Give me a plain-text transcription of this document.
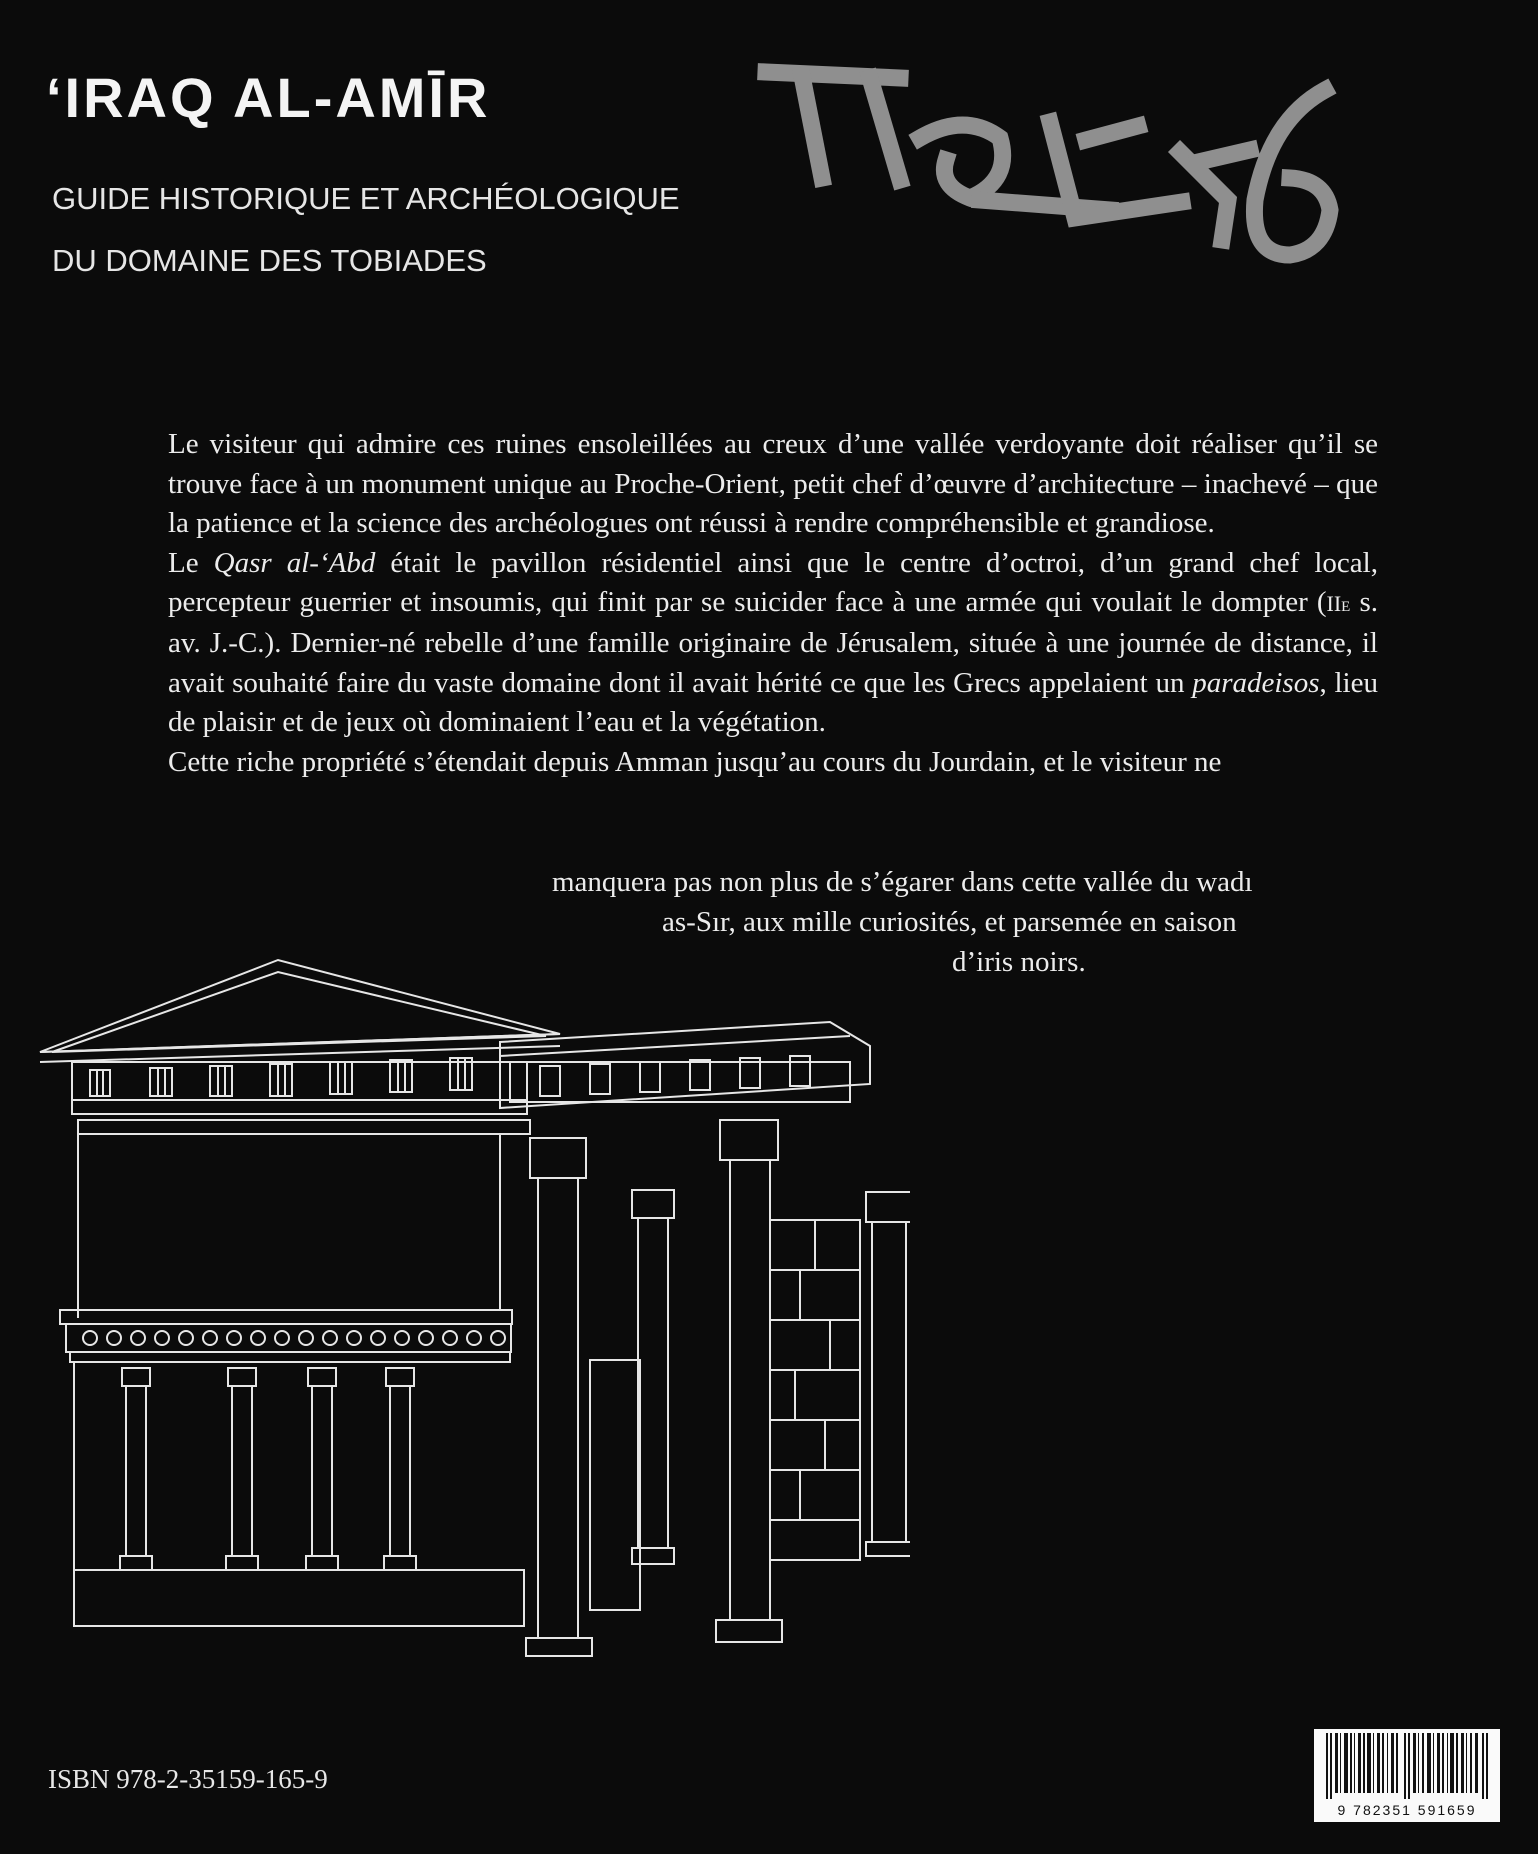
‘IRAQ AL-AMĪR
GUIDE HISTORIQUE ET ARCHÉOLOGIQUE
DU DOMAINE DES TOBIADES

Le visiteur qui admire ces ruines ensoleillées au creux d’une vallée verdoyante doit réaliser qu’il se trouve face à un monument unique au Proche-Orient, petit chef d’œuvre d’architecture – inachevé – que la patience et la science des archéologues ont réussi à rendre compréhensible et grandiose.

Le Qasr al-‘Abd était le pavillon résidentiel ainsi que le centre d’octroi, d’un grand chef local, percepteur guerrier et insoumis, qui finit par se suicider face à une armée qui voulait le dompter (IIe s. av. J.-C.). Dernier-né rebelle d’une famille originaire de Jérusalem, située à une journée de distance, il avait souhaité faire du vaste domaine dont il avait hérité ce que les Grecs appelaient un paradeisos, lieu de plaisir et de jeux où dominaient l’eau et la végétation.

Cette riche propriété s’étendait depuis Amman jusqu’au cours du Jourdain, et le visiteur ne

manquera pas non plus de s’égarer dans cette vallée du wadı
as-Sır, aux mille curiosités, et parsemée en saison
d’iris noirs.
ISBN 978-2-35159-165-9
9 782351 591659
